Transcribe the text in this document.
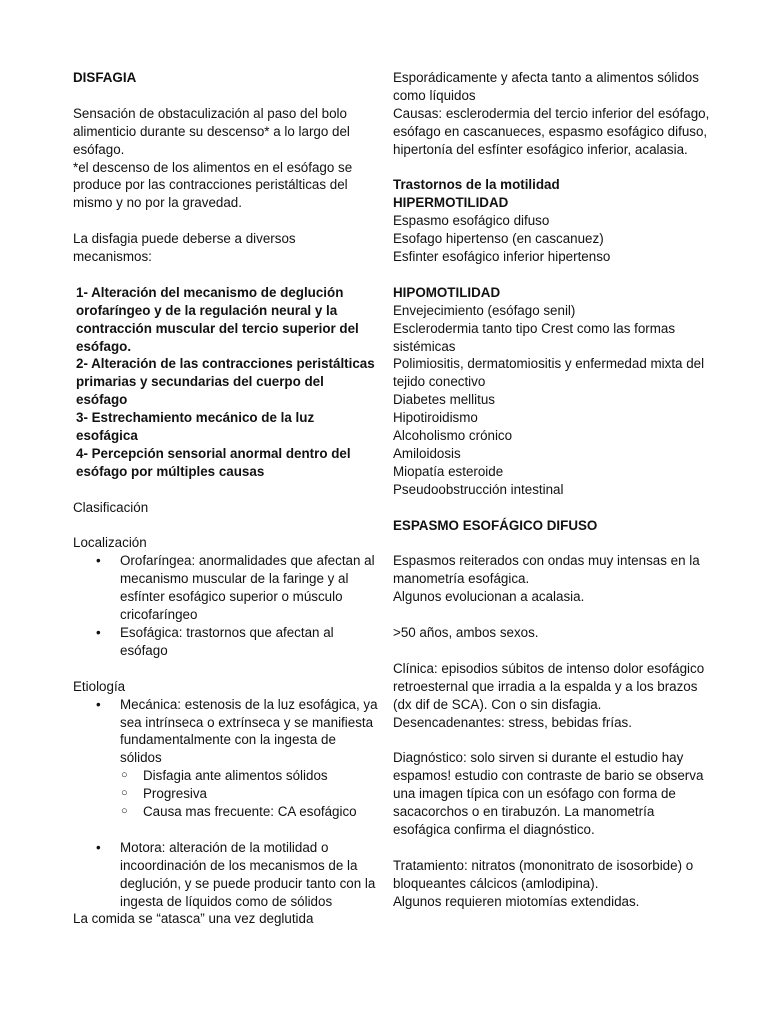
DISFAGIA

Sensación de obstaculización al paso del bolo alimenticio durante su descenso* a lo largo del esófago.

*el descenso de los alimentos en el esófago se produce por las contracciones peristálticas del mismo y no por la gravedad.

La disfagia puede deberse a diversos mecanismos:

1- Alteración del mecanismo de deglución orofaríngeo y de la regulación neural y la contracción muscular del tercio superior del esófago.

2- Alteración de las contracciones peristálticas primarias y secundarias del cuerpo del esófago

3- Estrechamiento mecánico de la luz esofágica

4- Percepción sensorial anormal dentro del esófago por múltiples causas

Clasificación

Localización

• Orofaríngea: anormalidades que afectan al mecanismo muscular de la faringe y al esfínter esofágico superior o músculo cricofaríngeo
• Esofágica: trastornos que afectan al esófago

Etiología

• Mecánica: estenosis de la luz esofágica, ya sea intrínseca o extrínseca y se manifiesta fundamentalmente con la ingesta de sólidos
○ Disfagia ante alimentos sólidos
○ Progresiva
○ Causa mas frecuente: CA esofágico
• Motora: alteración de la motilidad o incoordinación de los mecanismos de la deglución, y se puede producir tanto con la ingesta de líquidos como de sólidos

La comida se “atasca” una vez deglutida

Esporádicamente y afecta tanto a alimentos sólidos como líquidos

Causas: esclerodermia del tercio inferior del esófago, esófago en cascanueces, espasmo esofágico difuso, hipertonía del esfínter esofágico inferior, acalasia.

Trastornos de la motilidad

HIPERMOTILIDAD

Espasmo esofágico difuso

Esofago hipertenso (en cascanuez)

Esfinter esofágico inferior hipertenso

HIPOMOTILIDAD

Envejecimiento (esófago senil)

Esclerodermia tanto tipo Crest como las formas sistémicas

Polimiositis, dermatomiositis y enfermedad mixta del tejido conectivo

Diabetes mellitus

Hipotiroidismo

Alcoholismo crónico

Amiloidosis

Miopatía esteroide

Pseudoobstrucción intestinal

ESPASMO ESOFÁGICO DIFUSO

Espasmos reiterados con ondas muy intensas en la manometría esofágica.

Algunos evolucionan a acalasia.

>50 años, ambos sexos.

Clínica: episodios súbitos de intenso dolor esofágico retroesternal que irradia a la espalda y a los brazos (dx dif de SCA). Con o sin disfagia.

Desencadenantes: stress, bebidas frías.

Diagnóstico: solo sirven si durante el estudio hay espamos! estudio con contraste de bario se observa una imagen típica con un esófago con forma de sacacorchos o en tirabuzón. La manometría esofágica confirma el diagnóstico.

Tratamiento: nitratos (mononitrato de isosorbide) o bloqueantes cálcicos (amlodipina).

Algunos requieren miotomías extendidas.
